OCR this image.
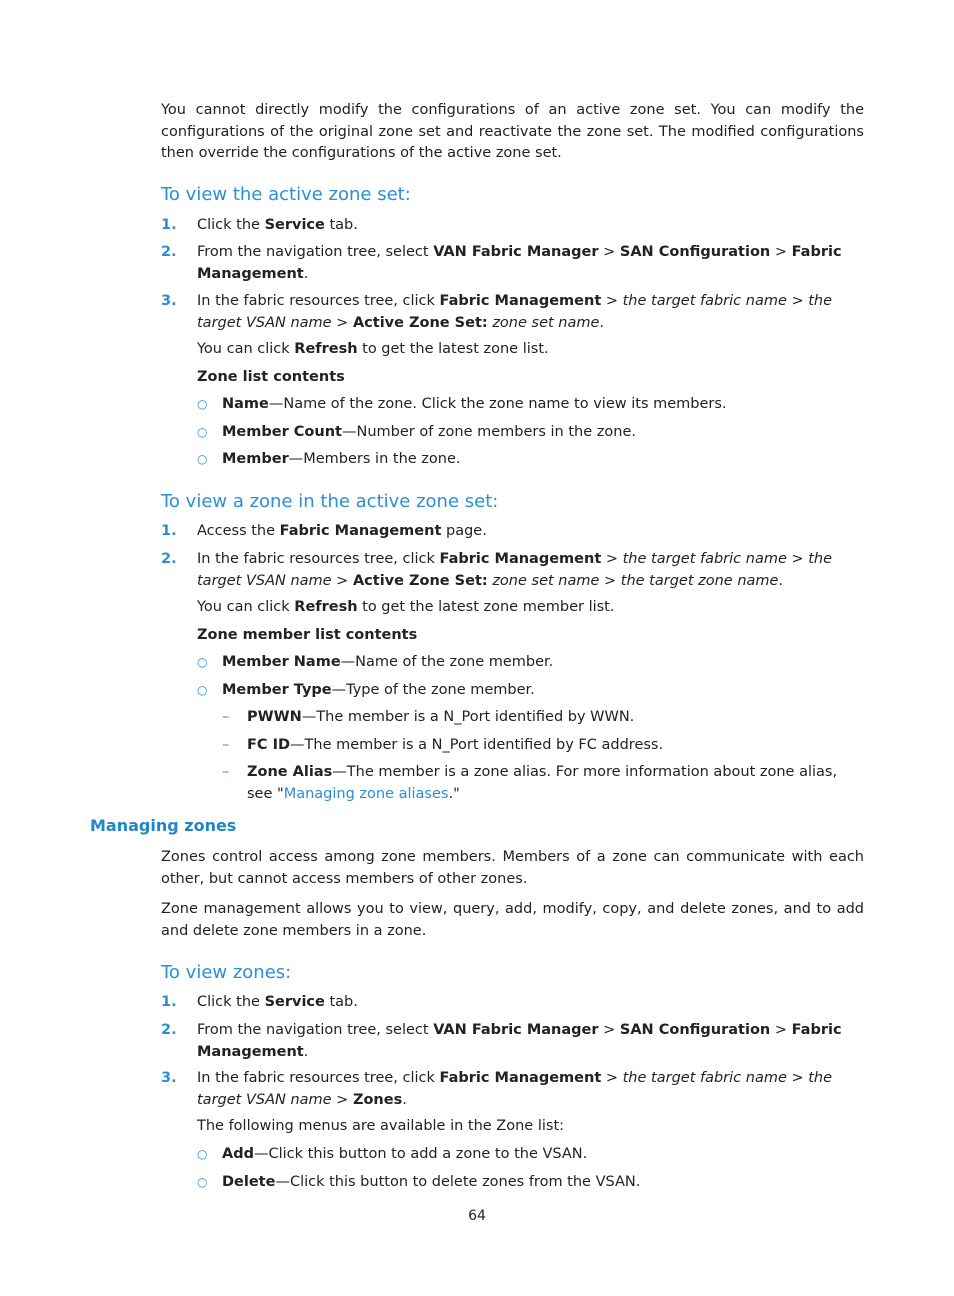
You cannot directly modify the configurations of an active zone set. You can modify the configurations of the original zone set and reactivate the zone set. The modified configurations then override the configurations of the active zone set.

To view the active zone set:
1. Click the Service tab.
2. From the navigation tree, select VAN Fabric Manager > SAN Configuration > Fabric Management.
3. In the fabric resources tree, click Fabric Management > the target fabric name > the target VSAN name > Active Zone Set: zone set name.

You can click Refresh to get the latest zone list.

Zone list contents

○ Name—Name of the zone. Click the zone name to view its members.
○ Member Count—Number of zone members in the zone.
○ Member—Members in the zone.
To view a zone in the active zone set:
1. Access the Fabric Management page.
2. In the fabric resources tree, click Fabric Management > the target fabric name > the target VSAN name > Active Zone Set: zone set name > the target zone name.

You can click Refresh to get the latest zone member list.

Zone member list contents

○ Member Name—Name of the zone member.
○ Member Type—Type of the zone member.
– PWWN—The member is a N_Port identified by WWN.
– FC ID—The member is a N_Port identified by FC address.
– Zone Alias—The member is a zone alias. For more information about zone alias, see "Managing zone aliases."
Managing zones

Zones control access among zone members. Members of a zone can communicate with each other, but cannot access members of other zones.

Zone management allows you to view, query, add, modify, copy, and delete zones, and to add and delete zone members in a zone.

To view zones:
1. Click the Service tab.
2. From the navigation tree, select VAN Fabric Manager > SAN Configuration > Fabric Management.
3. In the fabric resources tree, click Fabric Management > the target fabric name > the target VSAN name > Zones.

The following menus are available in the Zone list:

○ Add—Click this button to add a zone to the VSAN.
○ Delete—Click this button to delete zones from the VSAN.
64
